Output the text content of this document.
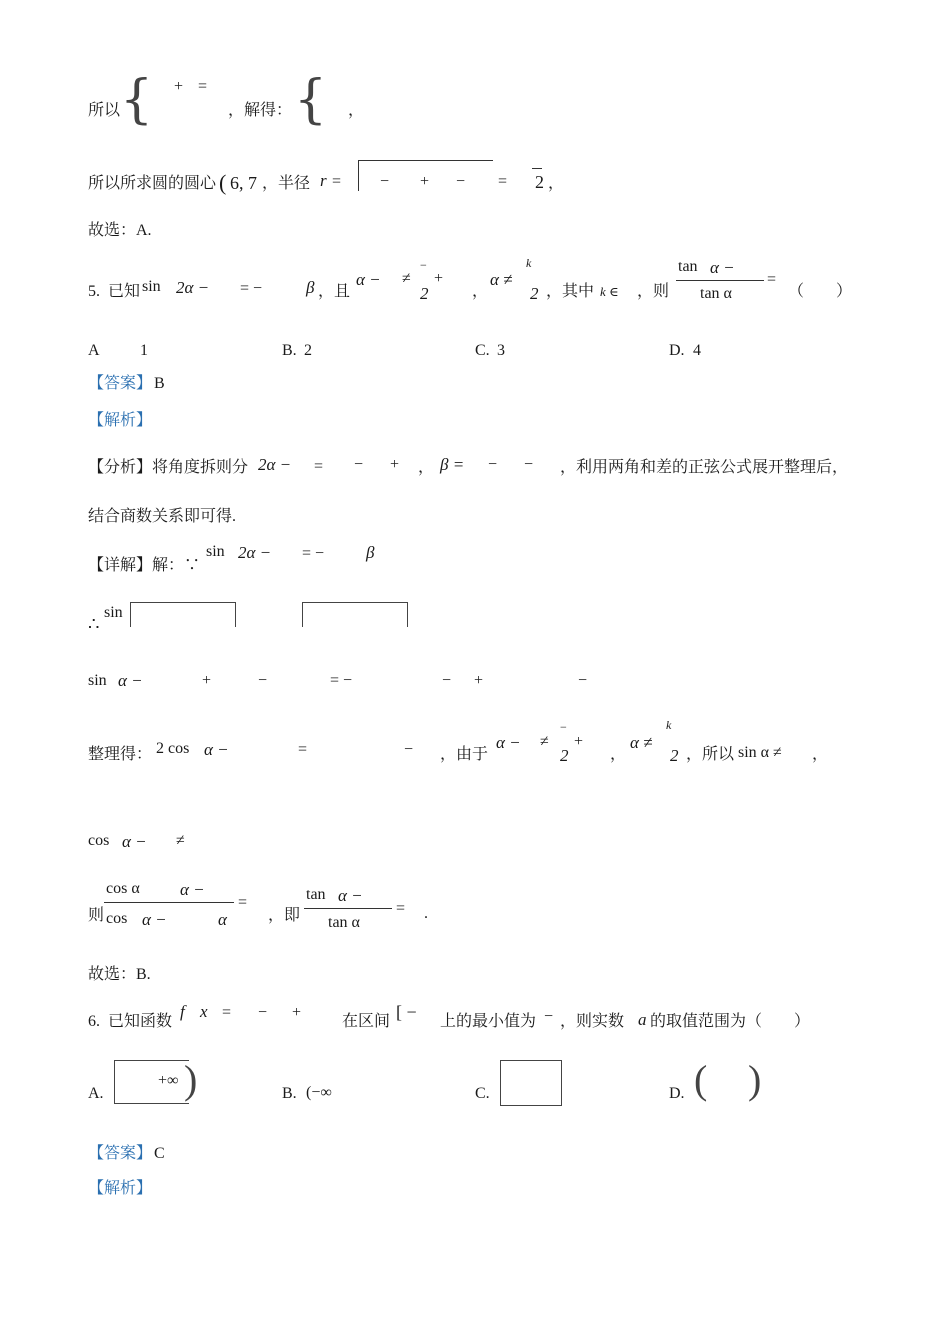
所以 { + =
，解得： { ，
所以所求圆的圆心 ( 6, 7 ，半径 r = − + − = 2 ，
故选：A.
5. 已知 sin 2α − = −	β ，且
α − ≠
−
2
+
，
α ≠
k
2 ，其中 k ∈ ，则
tan α −
tan α
=
（　　）
A	1	B. 2	C. 3	D. 4
【答案】 B
【解析】
【分析】 将角度拆则分 2α − = − + ， β = − − ，利用两角和差的正弦公式展开整理后，
结合商数关系即可得.
【详解】 解：∵
sin 2α − = − β
∴
sin
sin α −	+	−	= −	− +	−
整理得： 2 cos α −	=	− ，由于
α − ≠
−
2
+
，
α ≠
k
2 ，所以 sin α ≠ ，
cos α − ≠
则
cos α α −
cos α −	α
=
，即
tan α −
tan α
= .
故选：B.
6. 已知函数
f x = − +
在区间 [ − 上的最小值为 − ，则实数 a 的取值范围为（　　）
A.
+∞ )	B. (−∞	C.	D. ( )
【答案】 C
【解析】
